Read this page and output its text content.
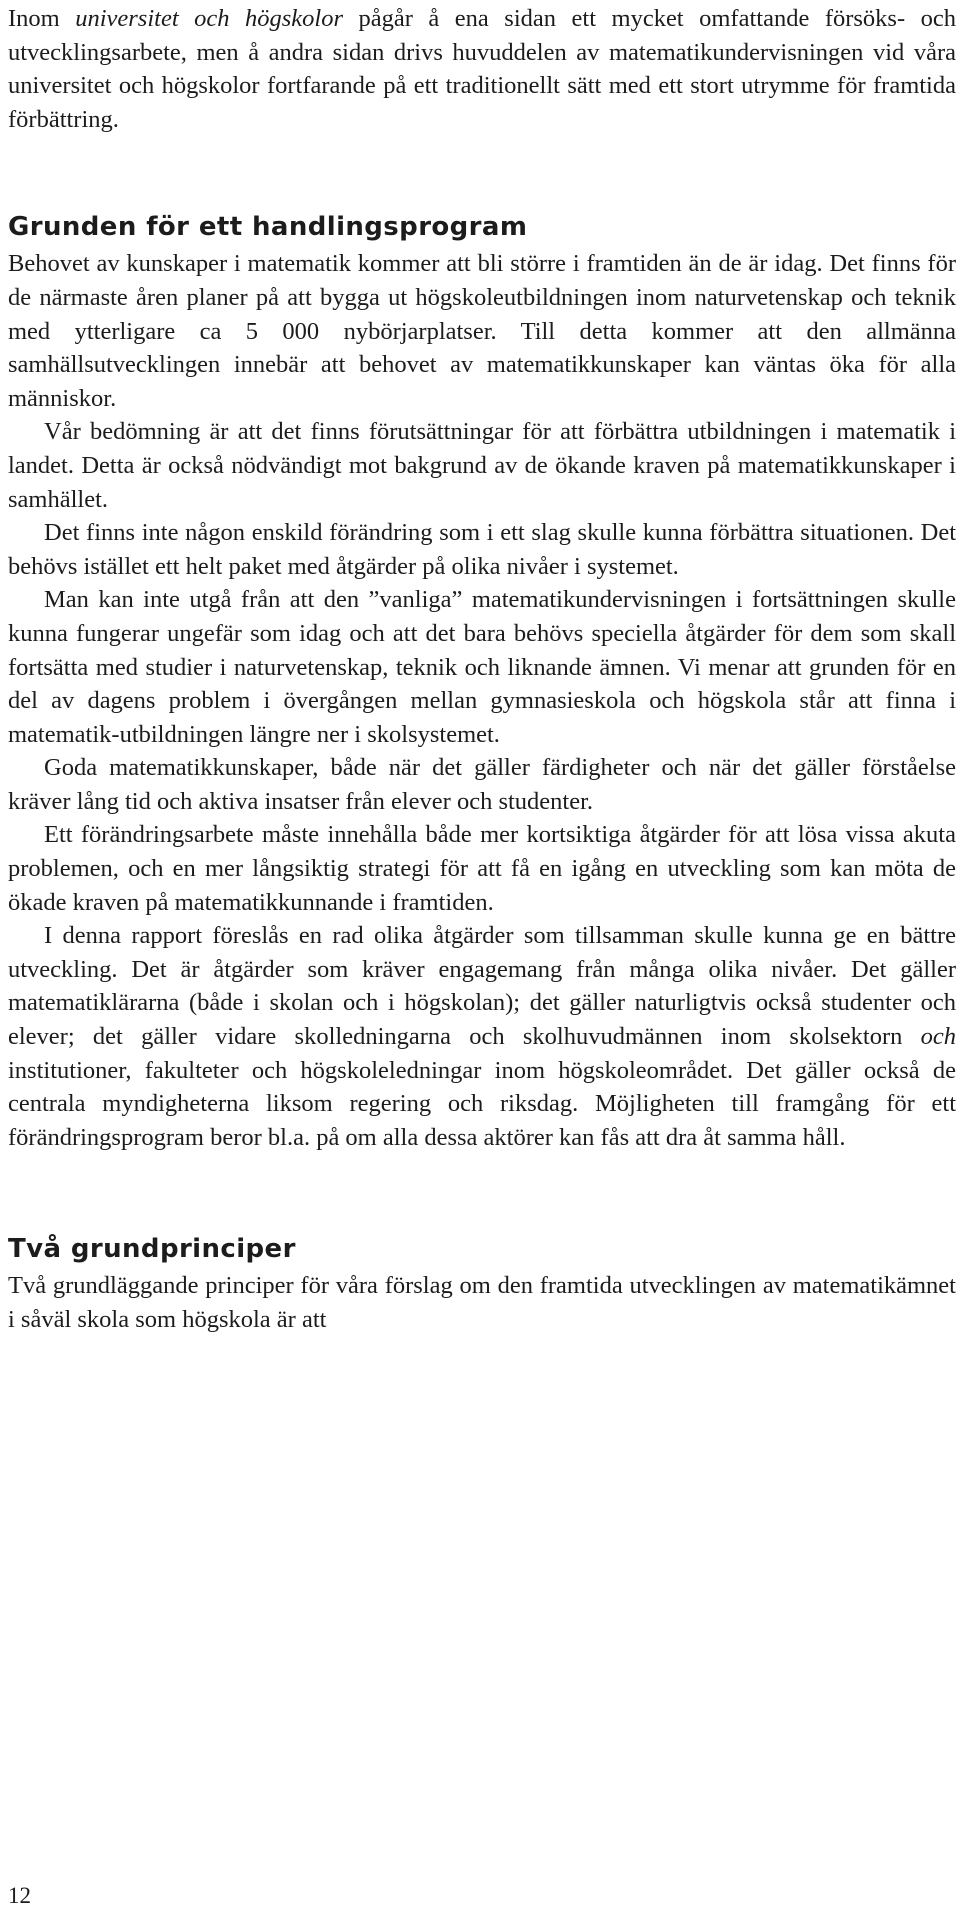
Inom universitet och högskolor pågår å ena sidan ett mycket omfattande försöks- och utvecklingsarbete, men å andra sidan drivs huvuddelen av matematikundervisningen vid våra universitet och högskolor fortfarande på ett traditionellt sätt med ett stort utrymme för framtida förbättring.

Grunden för ett handlingsprogram

Behovet av kunskaper i matematik kommer att bli större i framtiden än de är idag. Det finns för de närmaste åren planer på att bygga ut högskoleutbildningen inom naturvetenskap och teknik med ytterligare ca 5 000 nybörjarplatser. Till detta kommer att den allmänna samhällsutvecklingen innebär att behovet av matematikkunskaper kan väntas öka för alla människor.

Vår bedömning är att det finns förutsättningar för att förbättra utbildningen i matematik i landet. Detta är också nödvändigt mot bakgrund av de ökande kraven på matematikkunskaper i samhället.

Det finns inte någon enskild förändring som i ett slag skulle kunna förbättra situationen. Det behövs istället ett helt paket med åtgärder på olika nivåer i systemet.

Man kan inte utgå från att den ”vanliga” matematikundervisningen i fortsättningen skulle kunna fungerar ungefär som idag och att det bara behövs speciella åtgärder för dem som skall fortsätta med studier i naturvetenskap, teknik och liknande ämnen. Vi menar att grunden för en del av dagens problem i övergången mellan gymnasieskola och högskola står att finna i matematik-utbildningen längre ner i skolsystemet.

Goda matematikkunskaper, både när det gäller färdigheter och när det gäller förståelse kräver lång tid och aktiva insatser från elever och studenter.

Ett förändringsarbete måste innehålla både mer kortsiktiga åtgärder för att lösa vissa akuta problemen, och en mer långsiktig strategi för att få en igång en utveckling som kan möta de ökade kraven på matematikkunnande i framtiden.

I denna rapport föreslås en rad olika åtgärder som tillsamman skulle kunna ge en bättre utveckling. Det är åtgärder som kräver engagemang från många olika nivåer. Det gäller matematiklärarna (både i skolan och i högskolan); det gäller naturligtvis också studenter och elever; det gäller vidare skolledningarna och skolhuvudmännen inom skolsektorn och institutioner, fakulteter och högskoleledningar inom högskoleområdet. Det gäller också de centrala myndigheterna liksom regering och riksdag. Möjligheten till framgång för ett förändringsprogram beror bl.a. på om alla dessa aktörer kan fås att dra åt samma håll.

Två grundprinciper

Två grundläggande principer för våra förslag om den framtida utvecklingen av matematikämnet i såväl skola som högskola är att

12
